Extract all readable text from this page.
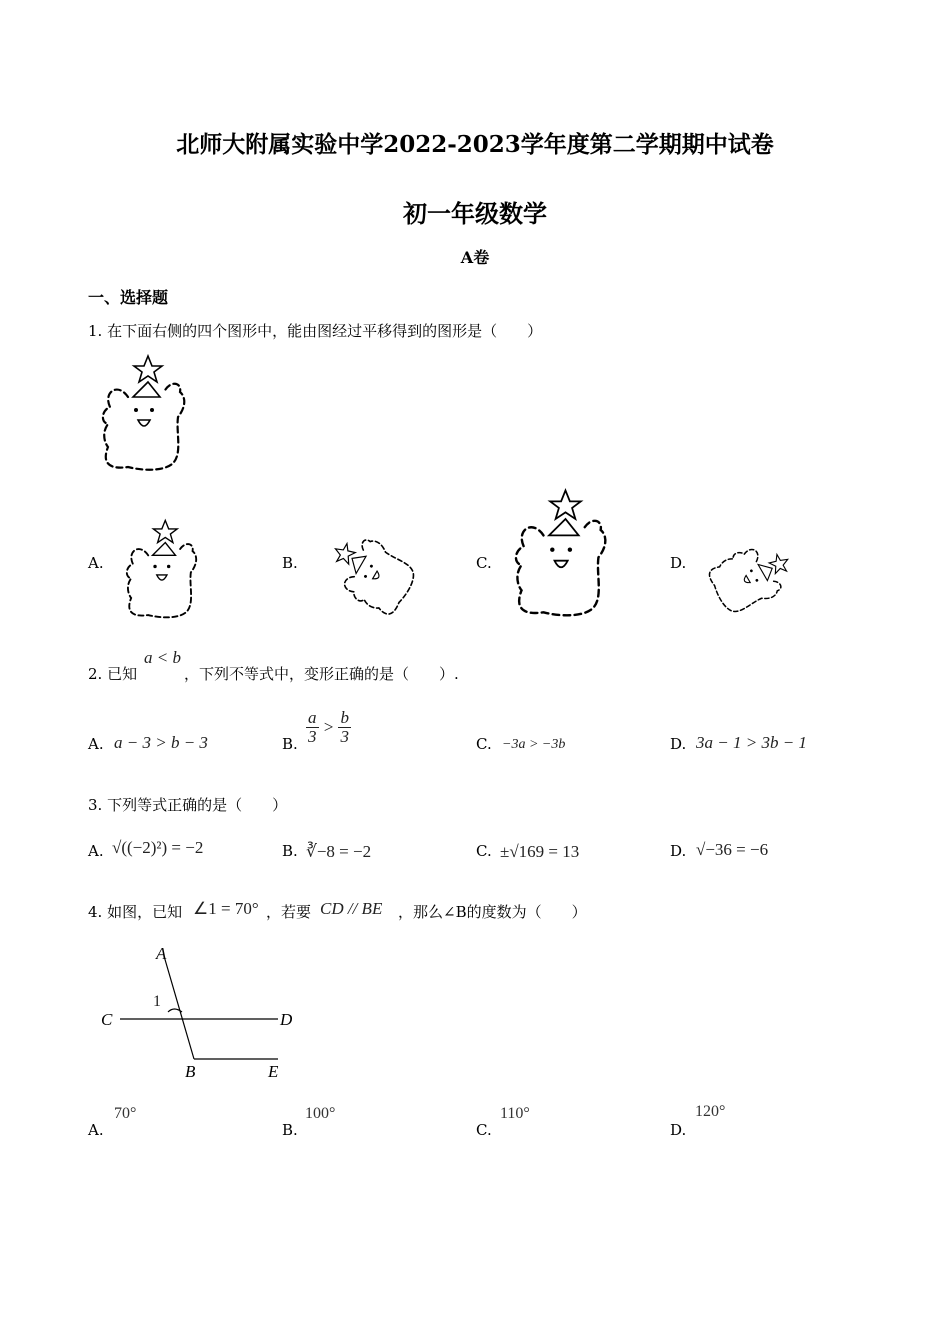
北师大附属实验中学2022-2023学年度第二学期期中试卷
初一年级数学
A卷
一、选择题
1. 在下面右侧的四个图形中，能由图经过平移得到的图形是（　　）
A.	B.	C.	D.
2. 已知
a < b
，下列不等式中，变形正确的是（　　）.
A. a − 3 > b − 3	B. $\frac{a}{3} > \frac{b}{3}$	C. −3a > −3b	D. 3a − 1 > 3b − 1
3. 下列等式正确的是（　　）
A. √((−2)²) = −2	B. ∛−8 = −2	C. ±√169 = 13	D. √−36 = −6
4. 如图，已知 ∠1 = 70° ，若要 CD // BE ，那么∠B的度数为（　　）
A
C	D
B	E
1
A.
70°
B.
100°
C.
110°
D.
120°
